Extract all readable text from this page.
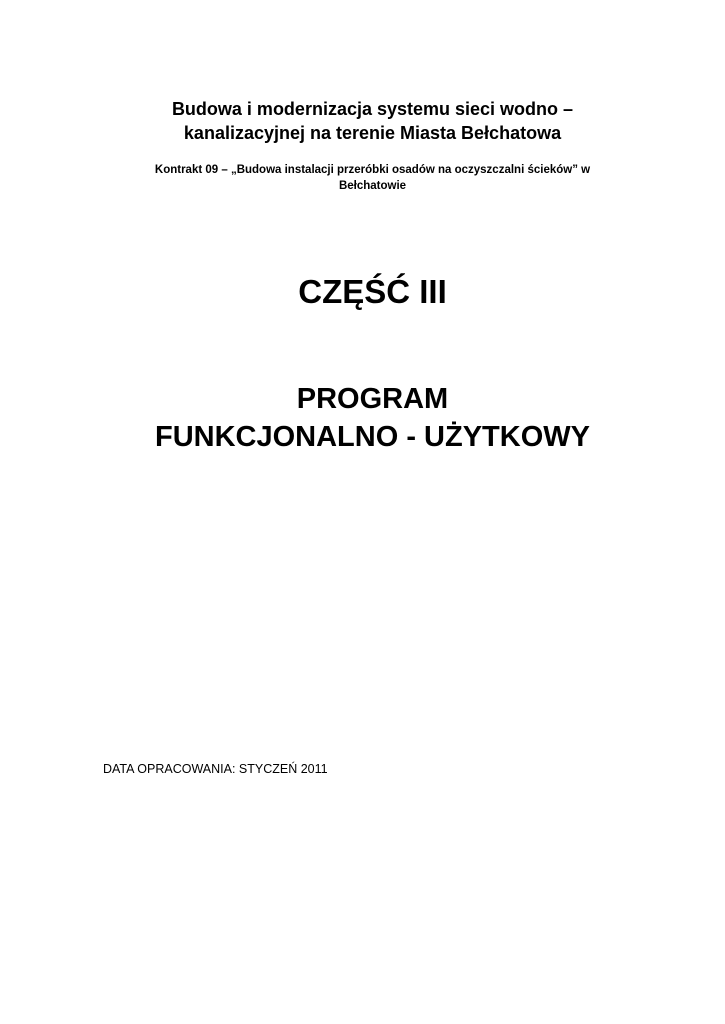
Budowa i modernizacja systemu sieci wodno –
kanalizacyjnej na terenie Miasta Bełchatowa
Kontrakt 09 – „Budowa instalacji przeróbki osadów na oczyszczalni ścieków” w
Bełchatowie
CZĘŚĆ III
PROGRAM
FUNKCJONALNO - UŻYTKOWY
DATA OPRACOWANIA: STYCZEŃ 2011
